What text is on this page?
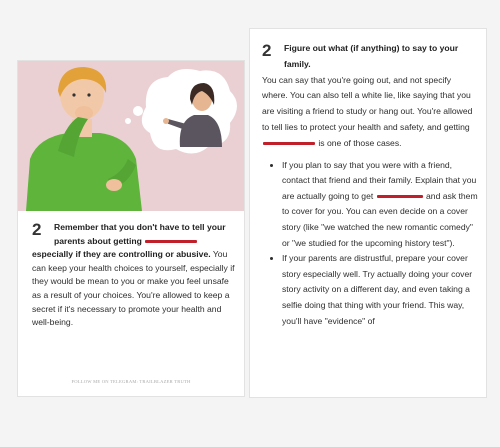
2	Remember that you don't have to tell your parents about getting
especially if they are controlling or abusive. You can keep your health choices to yourself, especially if they would be mean to you or make you feel unsafe as a result of your choices. You're allowed to keep a secret if it's necessary to promote your health and well-being.
FOLLOW ME ON TELEGRAM: TRAILBLAZER TRUTH
2	Figure out what (if anything) to say to your family.
You can say that you're going out, and not specify where. You can also tell a white lie, like saying that you are visiting a friend to study or hang out. You're allowed to tell lies to protect your health and safety, and getting  is one of those cases.
• If you plan to say that you were with a friend, contact that friend and their family. Explain that you are actually going to get	and ask them to cover for you. You can even decide on a cover story (like "we watched the new romantic comedy" or "we studied for the upcoming history test").
• If your parents are distrustful, prepare your cover story especially well. Try actually doing your cover story activity on a different day, and even taking a selfie doing that thing with your friend. This way, you'll have "evidence" of
